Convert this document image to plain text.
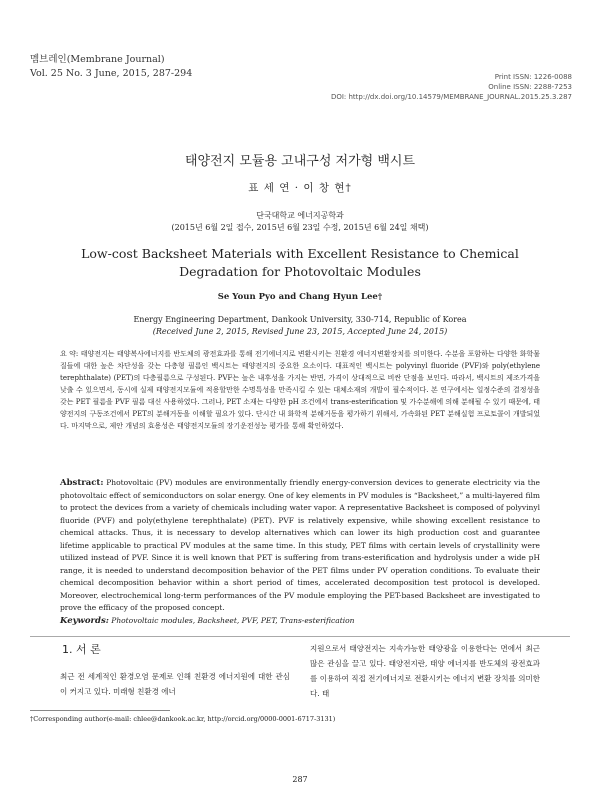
멤브레인(Membrane Journal)
Vol. 25 No. 3 June, 2015, 287-294	Print ISSN: 1226-0088
Online ISSN: 2288-7253
DOI: http://dx.doi.org/10.14579/MEMBRANE_JOURNAL.2015.25.3.287
태양전지 모듈용 고내구성 저가형 백시트
표 세 연 · 이 창 현†
단국대학교 에너지공학과
(2015년 6월 2일 접수, 2015년 6월 23일 수정, 2015년 6월 24일 채택)
Low-cost Backsheet Materials with Excellent Resistance to Chemical Degradation for Photovoltaic Modules
Se Youn Pyo and Chang Hyun Lee†
Energy Engineering Department, Dankook University, 330-714, Republic of Korea
(Received June 2, 2015, Revised June 23, 2015, Accepted June 24, 2015)
요 약: 태양전지는 태양복사에너지를 반도체의 광전효과를 통해 전기에너지로 변환시키는 친환경 에너지변환장치를 의미한다. 수분을 포함하는 다양한 화학물질들에 대한 높은 차단성을 갖는 다층형 필름인 백시트는 태양전지의 중요한 요소이다. 대표적인 백시트는 polyvinyl fluoride (PVF)와 poly(ethylene terephthalate) (PET)의 다층필름으로 구성된다. PVF는 높은 내후성을 가지는 반면, 가격이 상대적으로 비싼 단점을 보인다. 따라서, 백시트의 제조가격을 낮출 수 있으면서, 동시에 실제 태양전지모듈에 적용할만한 수명특성을 만족시킬 수 있는 대체소재의 개발이 필수적이다. 본 연구에서는 일정수준의 결정성을 갖는 PET 필름을 PVF 필름 대신 사용하였다. 그러나, PET 소재는 다양한 pH 조건에서 trans-esterification 및 가수분해에 의해 분해될 수 있기 때문에, 태양전지의 구동조건에서 PET의 분해거동을 이해할 필요가 있다. 단시간 내 화학적 분해거동을 평가하기 위해서, 가속화된 PET 분해실험 프로토콜이 개발되었다. 마지막으로, 제안 개념의 효용성은 태양전지모듈의 장기운전성능 평가를 통해 확인하였다.
Abstract: Photovoltaic (PV) modules are environmentally friendly energy-conversion devices to generate electricity via the photovoltaic effect of semiconductors on solar energy. One of key elements in PV modules is “Backsheet,” a multi-layered film to protect the devices from a variety of chemicals including water vapor. A representative Backsheet is composed of polyvinyl fluoride (PVF) and poly(ethylene terephthalate) (PET). PVF is relatively expensive, while showing excellent resistance to chemical attacks. Thus, it is necessary to develop alternatives which can lower its high production cost and guarantee lifetime applicable to practical PV modules at the same time. In this study, PET films with certain levels of crystallinity were utilized instead of PVF. Since it is well known that PET is suffering from trans-esterification and hydrolysis under a wide pH range, it is needed to understand decomposition behavior of the PET films under PV operation conditions. To evaluate their chemical decomposition behavior within a short period of times, accelerated decomposition test protocol is developed. Moreover, electrochemical long-term performances of the PV module employing the PET-based Backsheet are investigated to prove the efficacy of the proposed concept.
Keywords: Photovoltaic modules, Backsheet, PVF, PET, Trans-esterification
1. 서 론
최근 전 세계적인 환경오염 문제로 인해 친환경 에너지원에 대한 관심이 커지고 있다. 미래형 친환경 에너
지원으로서 태양전지는 지속가능한 태양광을 이용한다는 면에서 최근 많은 관심을 끌고 있다. 태양전지란, 태양 에너지를 반도체의 광전효과를 이용하여 직접 전기에너지로 전환시키는 에너지 변환 장치를 의미한다. 태
†Corresponding author(e-mail: chlee@dankook.ac.kr, http://orcid.org/0000-0001-6717-3131)
287
